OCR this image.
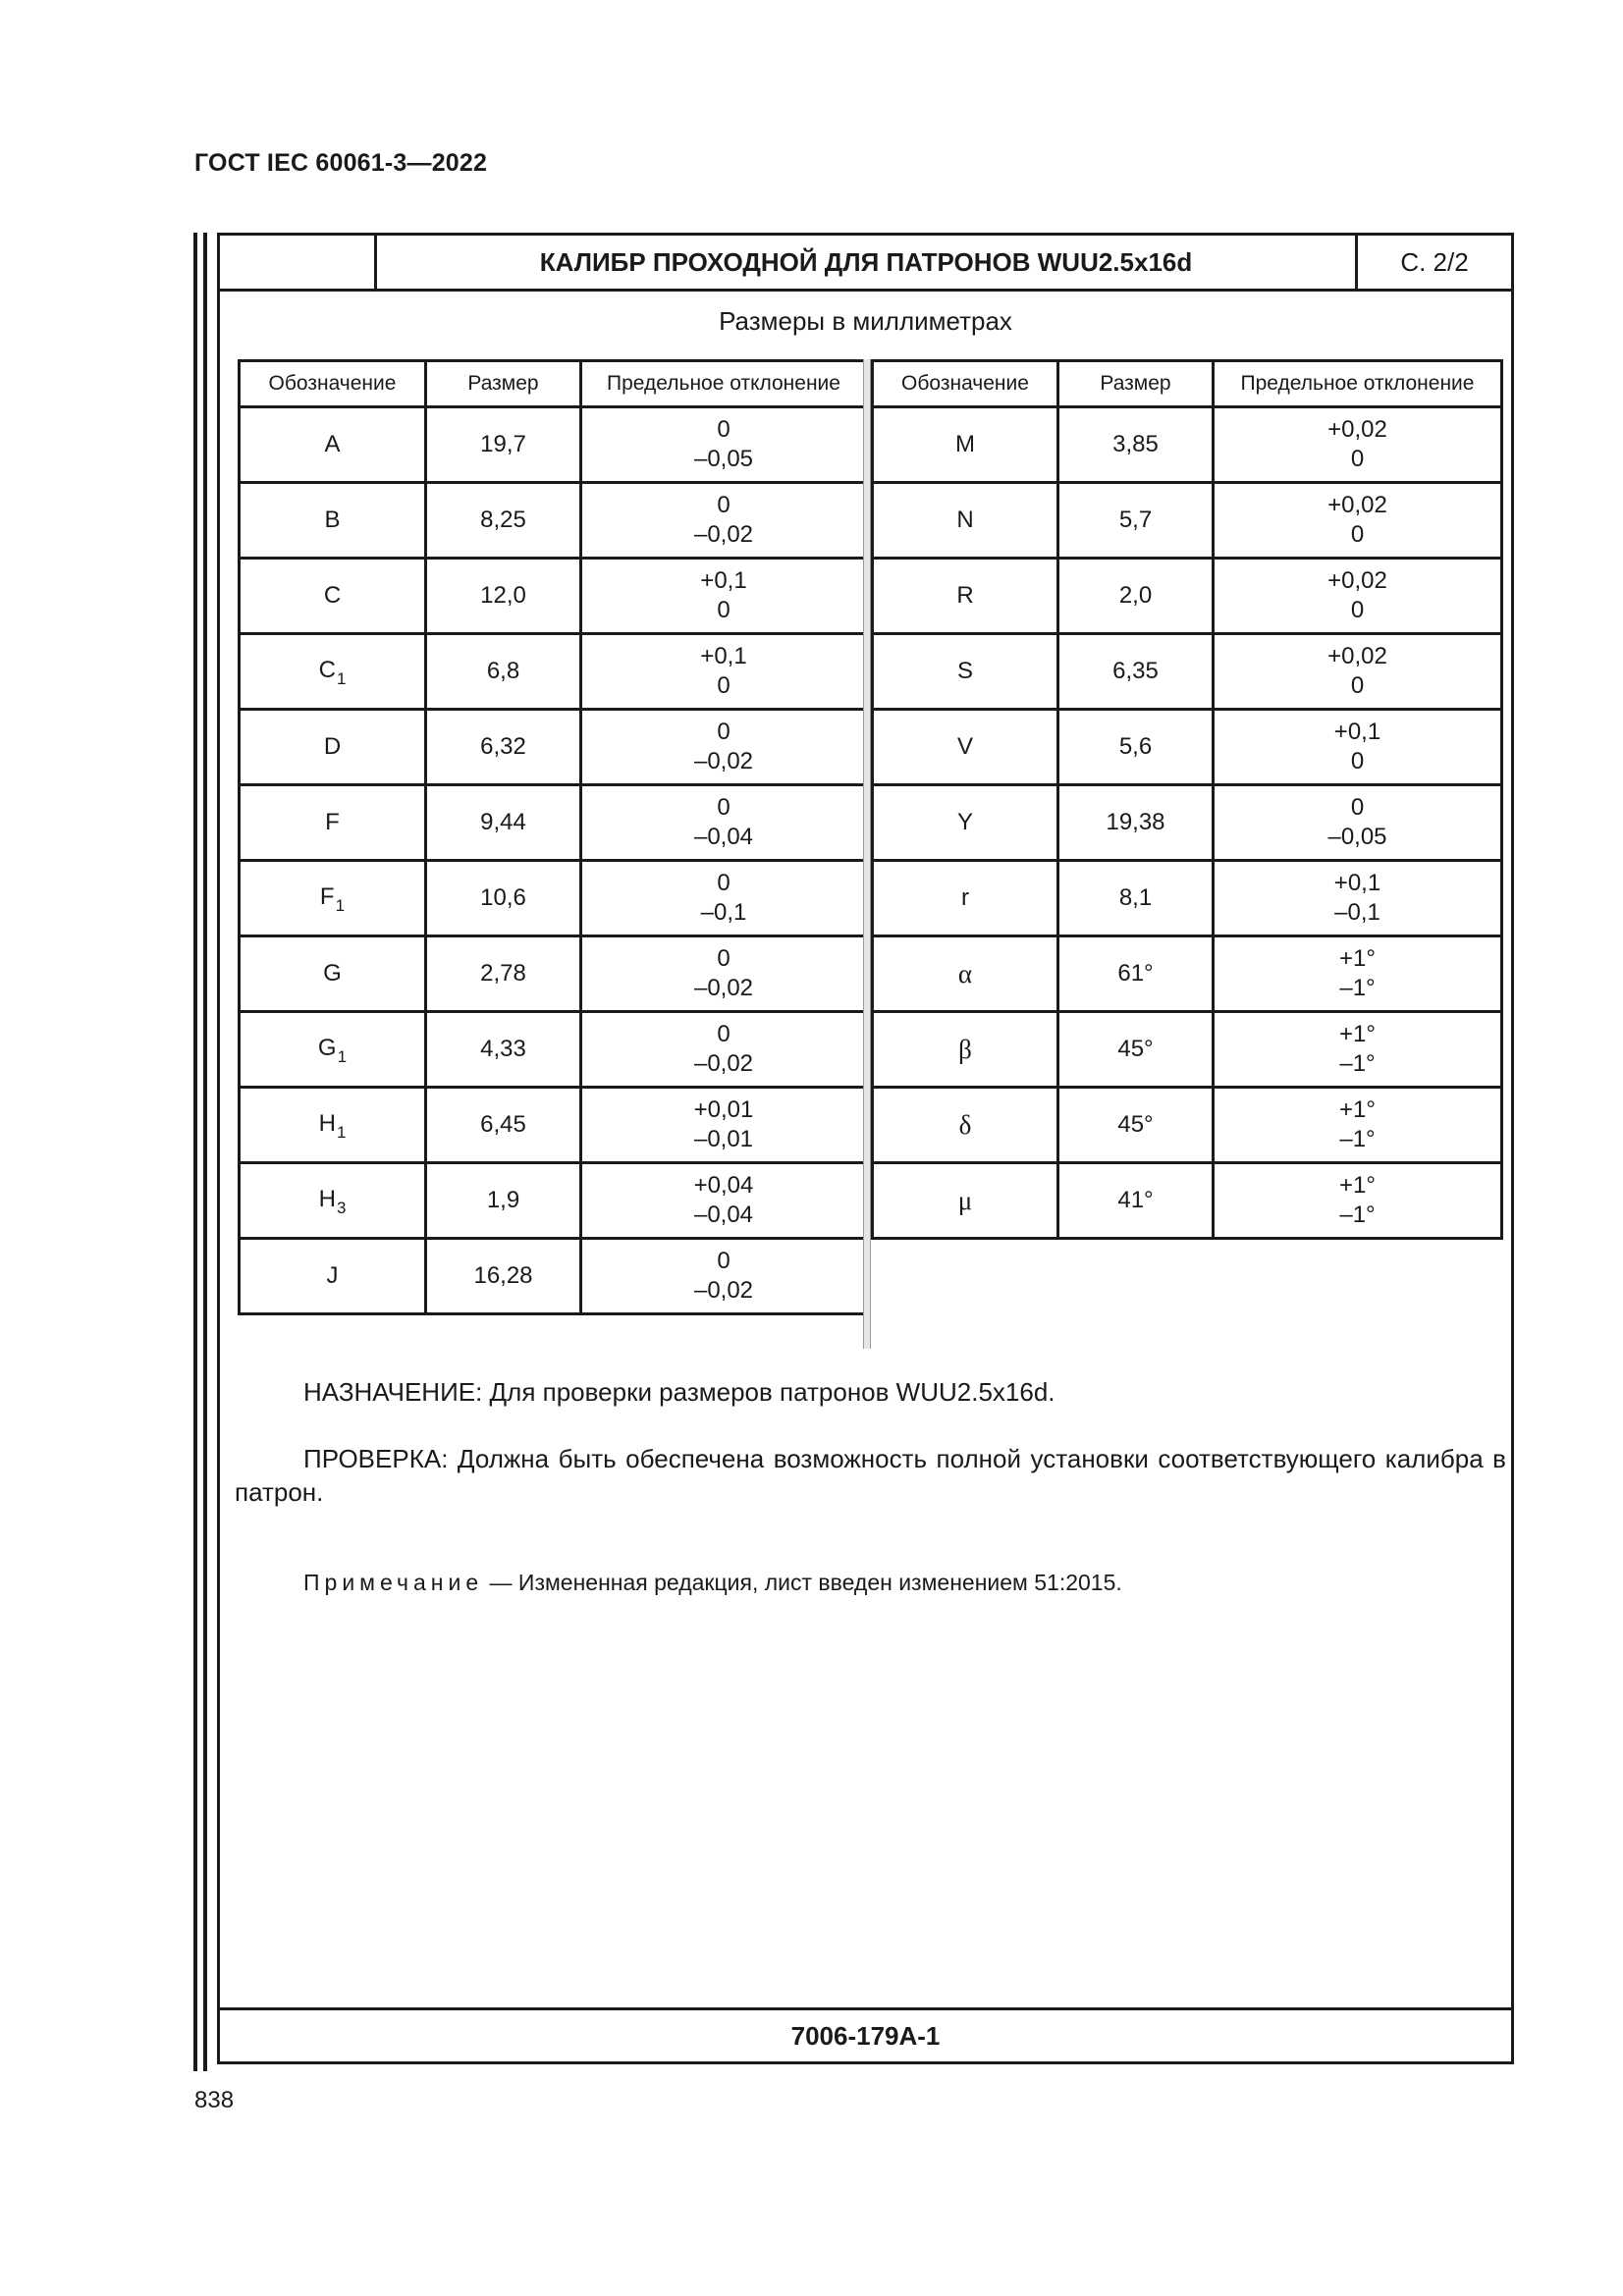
ГОСТ IEC 60061-3—2022
КАЛИБР ПРОХОДНОЙ ДЛЯ ПАТРОНОВ WUU2.5x16d	С. 2/2
Размеры в миллиметрах
Обозначение	Размер	Предельное отклонение
A	19,7	0
–0,05

B	8,25	0
–0,02

C	12,0	+0,1
0

$C_1$	6,8	+0,1
0

D	6,32	0
–0,02

F	9,44	0
–0,04

$F_1$	10,6	0
–0,1

G	2,78	0
–0,02

$G_1$	4,33	0
–0,02

$H_1$	6,45	+0,01
–0,01

$H_3$	1,9	+0,04
–0,04

J	16,28	0
–0,02
Обозначение	Размер	Предельное отклонение
M	3,85	+0,02
0

N	5,7	+0,02
0

R	2,0	+0,02
0

S	6,35	+0,02
0

V	5,6	+0,1
0

Y	19,38	0
–0,05

r	8,1	+0,1
–0,1

α	61°	+1°
–1°

β	45°	+1°
–1°

δ	45°	+1°
–1°

μ	41°	+1°
–1°
НАЗНАЧЕНИЕ: Для проверки размеров патронов WUU2.5x16d.
ПРОВЕРКА: Должна быть обеспечена возможность полной установки соответствующего калибра в патрон.
Примечание — Измененная редакция, лист введен изменением 51:2015.
7006-179A-1
838
